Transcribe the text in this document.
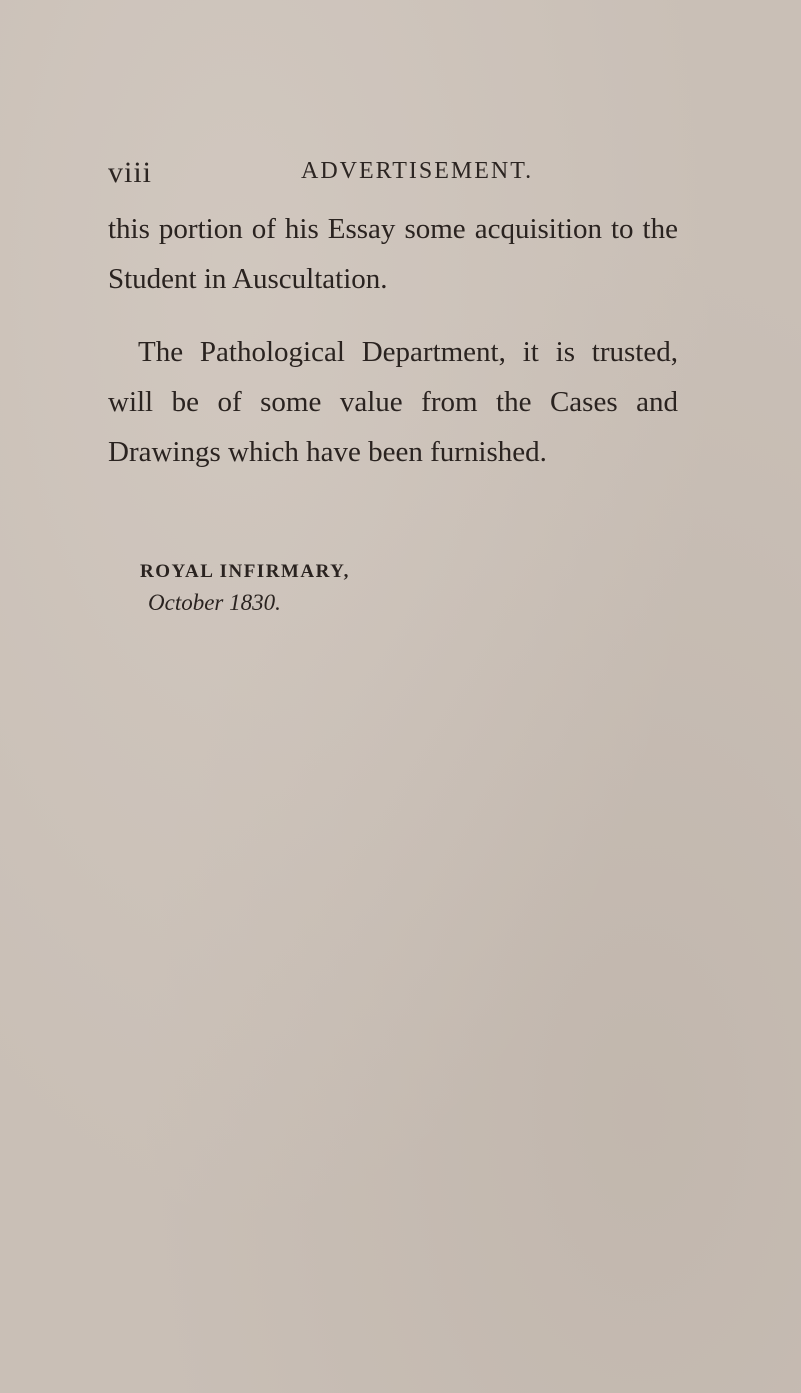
viii	ADVERTISEMENT.

this portion of his Essay some acquisition to the Student in Auscultation.

The Pathological Department, it is trusted, will be of some value from the Cases and Drawings which have been furnished.

ROYAL INFIRMARY,
October 1830.
